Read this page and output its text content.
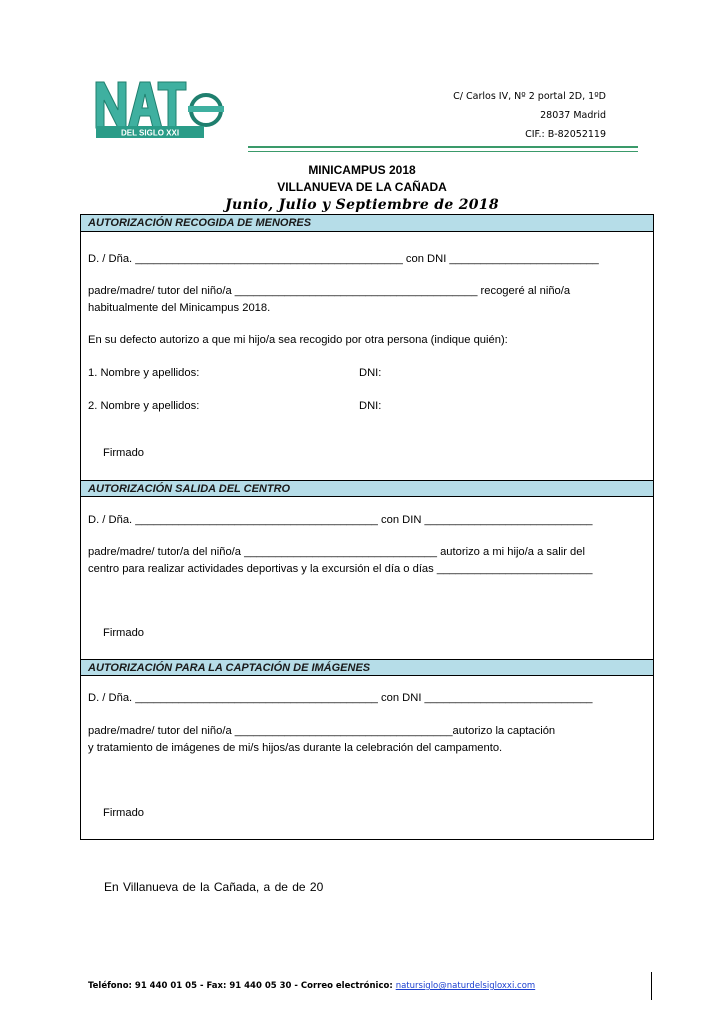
DEL SIGLO XXI
C/ Carlos IV, Nº 2 portal 2D, 1ºD
28037 Madrid
CIF.: B-82052119
MINICAMPUS 2018
VILLANUEVA DE LA CAÑADA
Junio, Julio y Septiembre de 2018
AUTORIZACIÓN RECOGIDA DE MENORES
D. / Dña. ___________________________________________ con DNI ________________________
padre/madre/ tutor del niño/a _______________________________________ recogeré al niño/a
habitualmente del Minicampus 2018.
En su defecto autorizo a que mi hijo/a sea recogido por otra persona (indique quién):
1. Nombre y apellidos:	DNI:
2. Nombre y apellidos:	DNI:
Firmado
AUTORIZACIÓN SALIDA DEL CENTRO
D. / Dña. _______________________________________ con DIN ___________________________
padre/madre/ tutor/a del niño/a _______________________________ autorizo a mi hijo/a a salir del
centro para realizar actividades deportivas y la excursión el día o días _________________________
Firmado
AUTORIZACIÓN PARA LA CAPTACIÓN DE IMÁGENES
D. / Dña. _______________________________________ con DNI ___________________________
padre/madre/ tutor del niño/a ___________________________________autorizo la captación
y tratamiento de imágenes de mi/s hijos/as durante la celebración del campamento.
Firmado
En Villanueva de la Cañada, a de de 20
Teléfono: 91 440 01 05 - Fax: 91 440 05 30 - Correo electrónico: natursiglo@naturdelsigloxxi.com
